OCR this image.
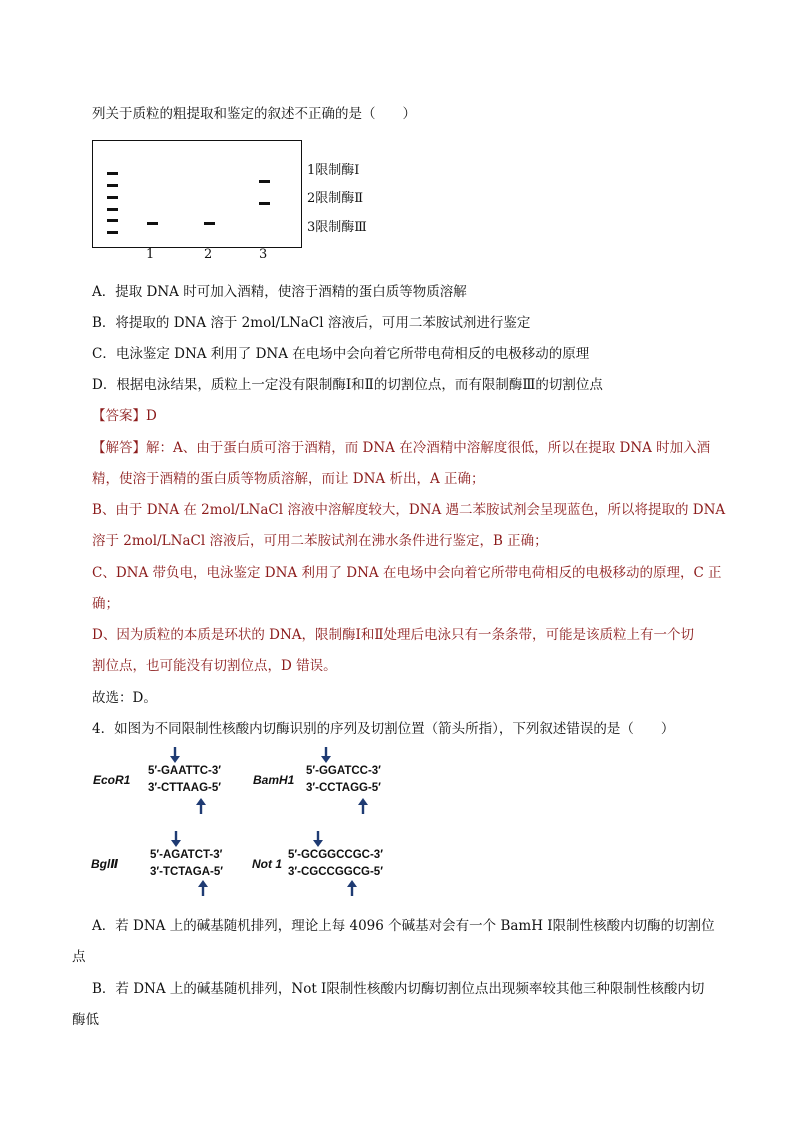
列关于质粒的粗提取和鉴定的叙述不正确的是（　　）
1限制酶Ⅰ
2限制酶Ⅱ
3限制酶Ⅲ
1	2	3
A．提取 DNA 时可加入酒精，使溶于酒精的蛋白质等物质溶解
B．将提取的 DNA 溶于 2mol/LNaCl 溶液后，可用二苯胺试剂进行鉴定
C．电泳鉴定 DNA 利用了 DNA 在电场中会向着它所带电荷相反的电极移动的原理
D．根据电泳结果，质粒上一定没有限制酶Ⅰ和Ⅱ的切割位点，而有限制酶Ⅲ的切割位点
【答案】D
【解答】解：A、由于蛋白质可溶于酒精，而 DNA 在冷酒精中溶解度很低，所以在提取 DNA 时加入酒
精，使溶于酒精的蛋白质等物质溶解，而让 DNA 析出，A 正确；
B、由于 DNA 在 2mol/LNaCl 溶液中溶解度较大，DNA 遇二苯胺试剂会呈现蓝色，所以将提取的 DNA
溶于 2mol/LNaCl 溶液后，可用二苯胺试剂在沸水条件进行鉴定，B 正确；
C、DNA 带负电，电泳鉴定 DNA 利用了 DNA 在电场中会向着它所带电荷相反的电极移动的原理，C 正
确；
D、因为质粒的本质是环状的 DNA，限制酶Ⅰ和Ⅱ处理后电泳只有一条条带，可能是该质粒上有一个切
割位点，也可能没有切割位点，D 错误。
故选：D。
4．如图为不同限制性核酸内切酶识别的序列及切割位置（箭头所指），下列叙述错误的是（　　）
EcoR1
5′-GAATTC-3′
3′-CTTAAG-5′
BamH1
5′-GGATCC-3′
3′-CCTAGG-5′
BglⅡ
5′-AGATCT-3′
3′-TCTAGA-5′
Not 1
5′-GCGGCCGC-3′
3′-CGCCGGCG-5′
A．若 DNA 上的碱基随机排列，理论上每 4096 个碱基对会有一个 BamH Ⅰ限制性核酸内切酶的切割位
点
B．若 DNA 上的碱基随机排列，Not Ⅰ限制性核酸内切酶切割位点出现频率较其他三种限制性核酸内切
酶低
